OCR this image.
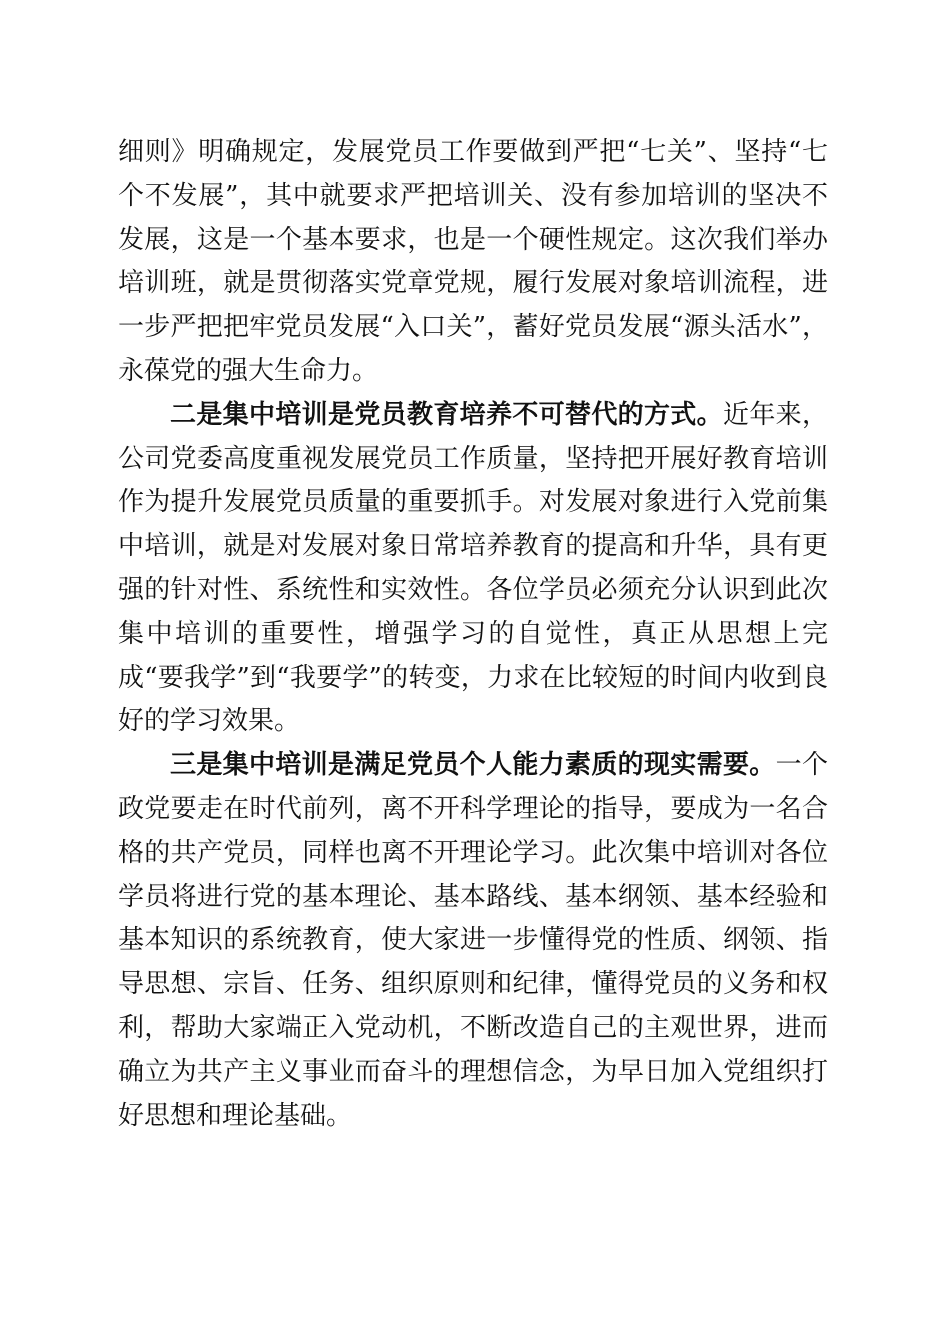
细则》明确规定，发展党员工作要做到严把“七关”、坚持“七个不发展”，其中就要求严把培训关、没有参加培训的坚决不发展，这是一个基本要求，也是一个硬性规定。这次我们举办培训班，就是贯彻落实党章党规，履行发展对象培训流程，进一步严把把牢党员发展“入口关”，蓄好党员发展“源头活水”，永葆党的强大生命力。

二是集中培训是党员教育培养不可替代的方式。近年来，公司党委高度重视发展党员工作质量，坚持把开展好教育培训作为提升发展党员质量的重要抓手。对发展对象进行入党前集中培训，就是对发展对象日常培养教育的提高和升华，具有更强的针对性、系统性和实效性。各位学员必须充分认识到此次集中培训的重要性，增强学习的自觉性，真正从思想上完成“要我学”到“我要学”的转变，力求在比较短的时间内收到良好的学习效果。

三是集中培训是满足党员个人能力素质的现实需要。一个政党要走在时代前列，离不开科学理论的指导，要成为一名合格的共产党员，同样也离不开理论学习。此次集中培训对各位学员将进行党的基本理论、基本路线、基本纲领、基本经验和基本知识的系统教育，使大家进一步懂得党的性质、纲领、指导思想、宗旨、任务、组织原则和纪律，懂得党员的义务和权利，帮助大家端正入党动机，不断改造自己的主观世界，进而确立为共产主义事业而奋斗的理想信念，为早日加入党组织打好思想和理论基础。
